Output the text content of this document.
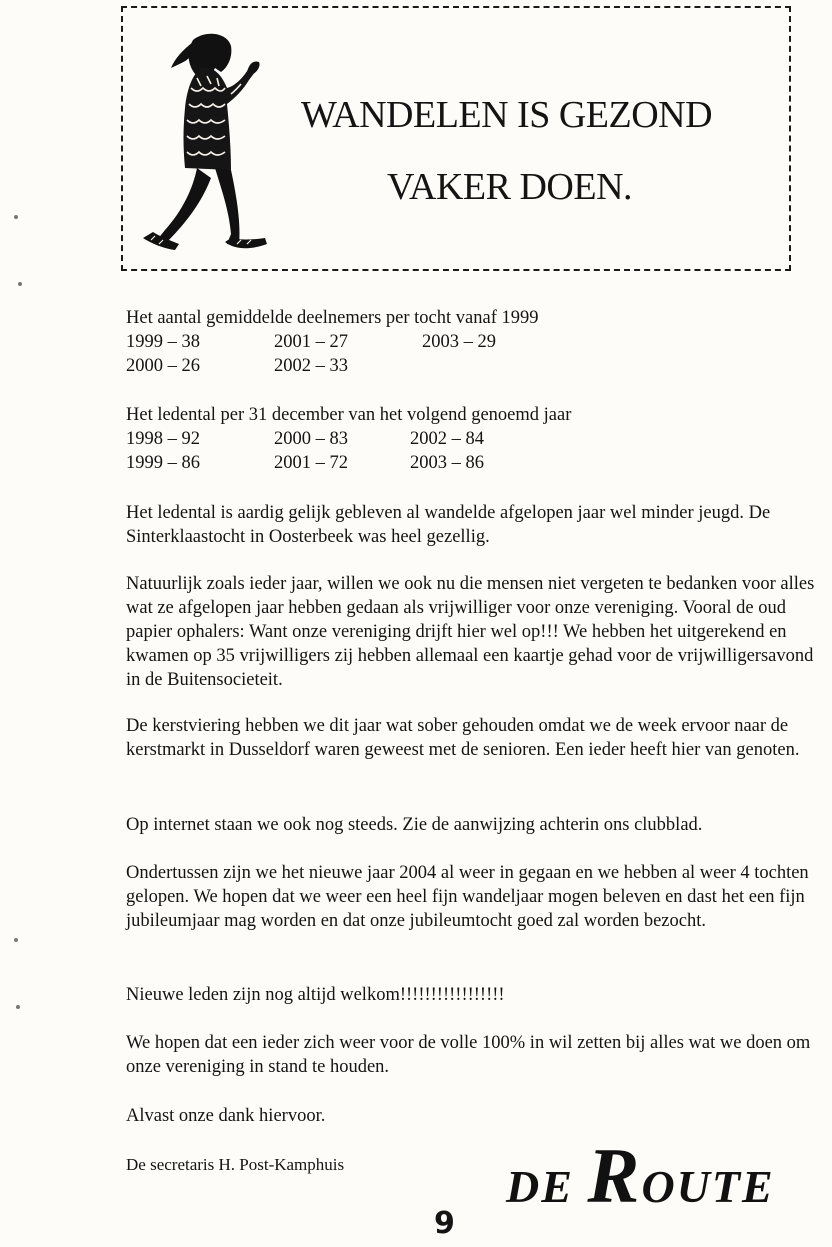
WANDELEN IS GEZOND
VAKER DOEN.
Het aantal gemiddelde deelnemers per tocht vanaf 1999
1999 – 38	2001 – 27	2003 – 29
2000 – 26	2002 – 33
Het ledental per 31 december van het volgend genoemd jaar
1998 – 92	2000 – 83	2002 – 84
1999 – 86	2001 – 72	2003 – 86
Het ledental is aardig gelijk gebleven al wandelde afgelopen jaar wel minder jeugd. De Sinterklaastocht in Oosterbeek was heel gezellig.
Natuurlijk zoals ieder jaar, willen we ook nu die mensen niet vergeten te bedanken voor alles wat ze afgelopen jaar hebben gedaan als vrijwilliger voor onze vereniging. Vooral de oud papier ophalers: Want onze vereniging drijft hier wel op!!! We hebben het uitgerekend en kwamen op 35 vrijwilligers zij hebben allemaal een kaartje gehad voor de vrijwilligersavond in de Buitensocieteit.
De kerstviering hebben we dit jaar wat sober gehouden omdat we de week ervoor naar de kerstmarkt in Dusseldorf waren geweest met de senioren. Een ieder heeft hier van genoten.
Op internet staan we ook nog steeds. Zie de aanwijzing achterin ons clubblad.
Ondertussen zijn we het nieuwe jaar 2004 al weer in gegaan en we hebben al weer 4 tochten gelopen. We hopen dat we weer een heel fijn wandeljaar mogen beleven en dast het een fijn jubileumjaar mag worden en dat onze jubileumtocht goed zal worden bezocht.
Nieuwe leden zijn nog altijd welkom!!!!!!!!!!!!!!!!!
We hopen dat een ieder zich weer voor de volle 100% in wil zetten bij alles wat we doen om onze vereniging in stand te houden.
Alvast onze dank hiervoor.
De secretaris H. Post-Kamphuis	DE ROUTE
9
